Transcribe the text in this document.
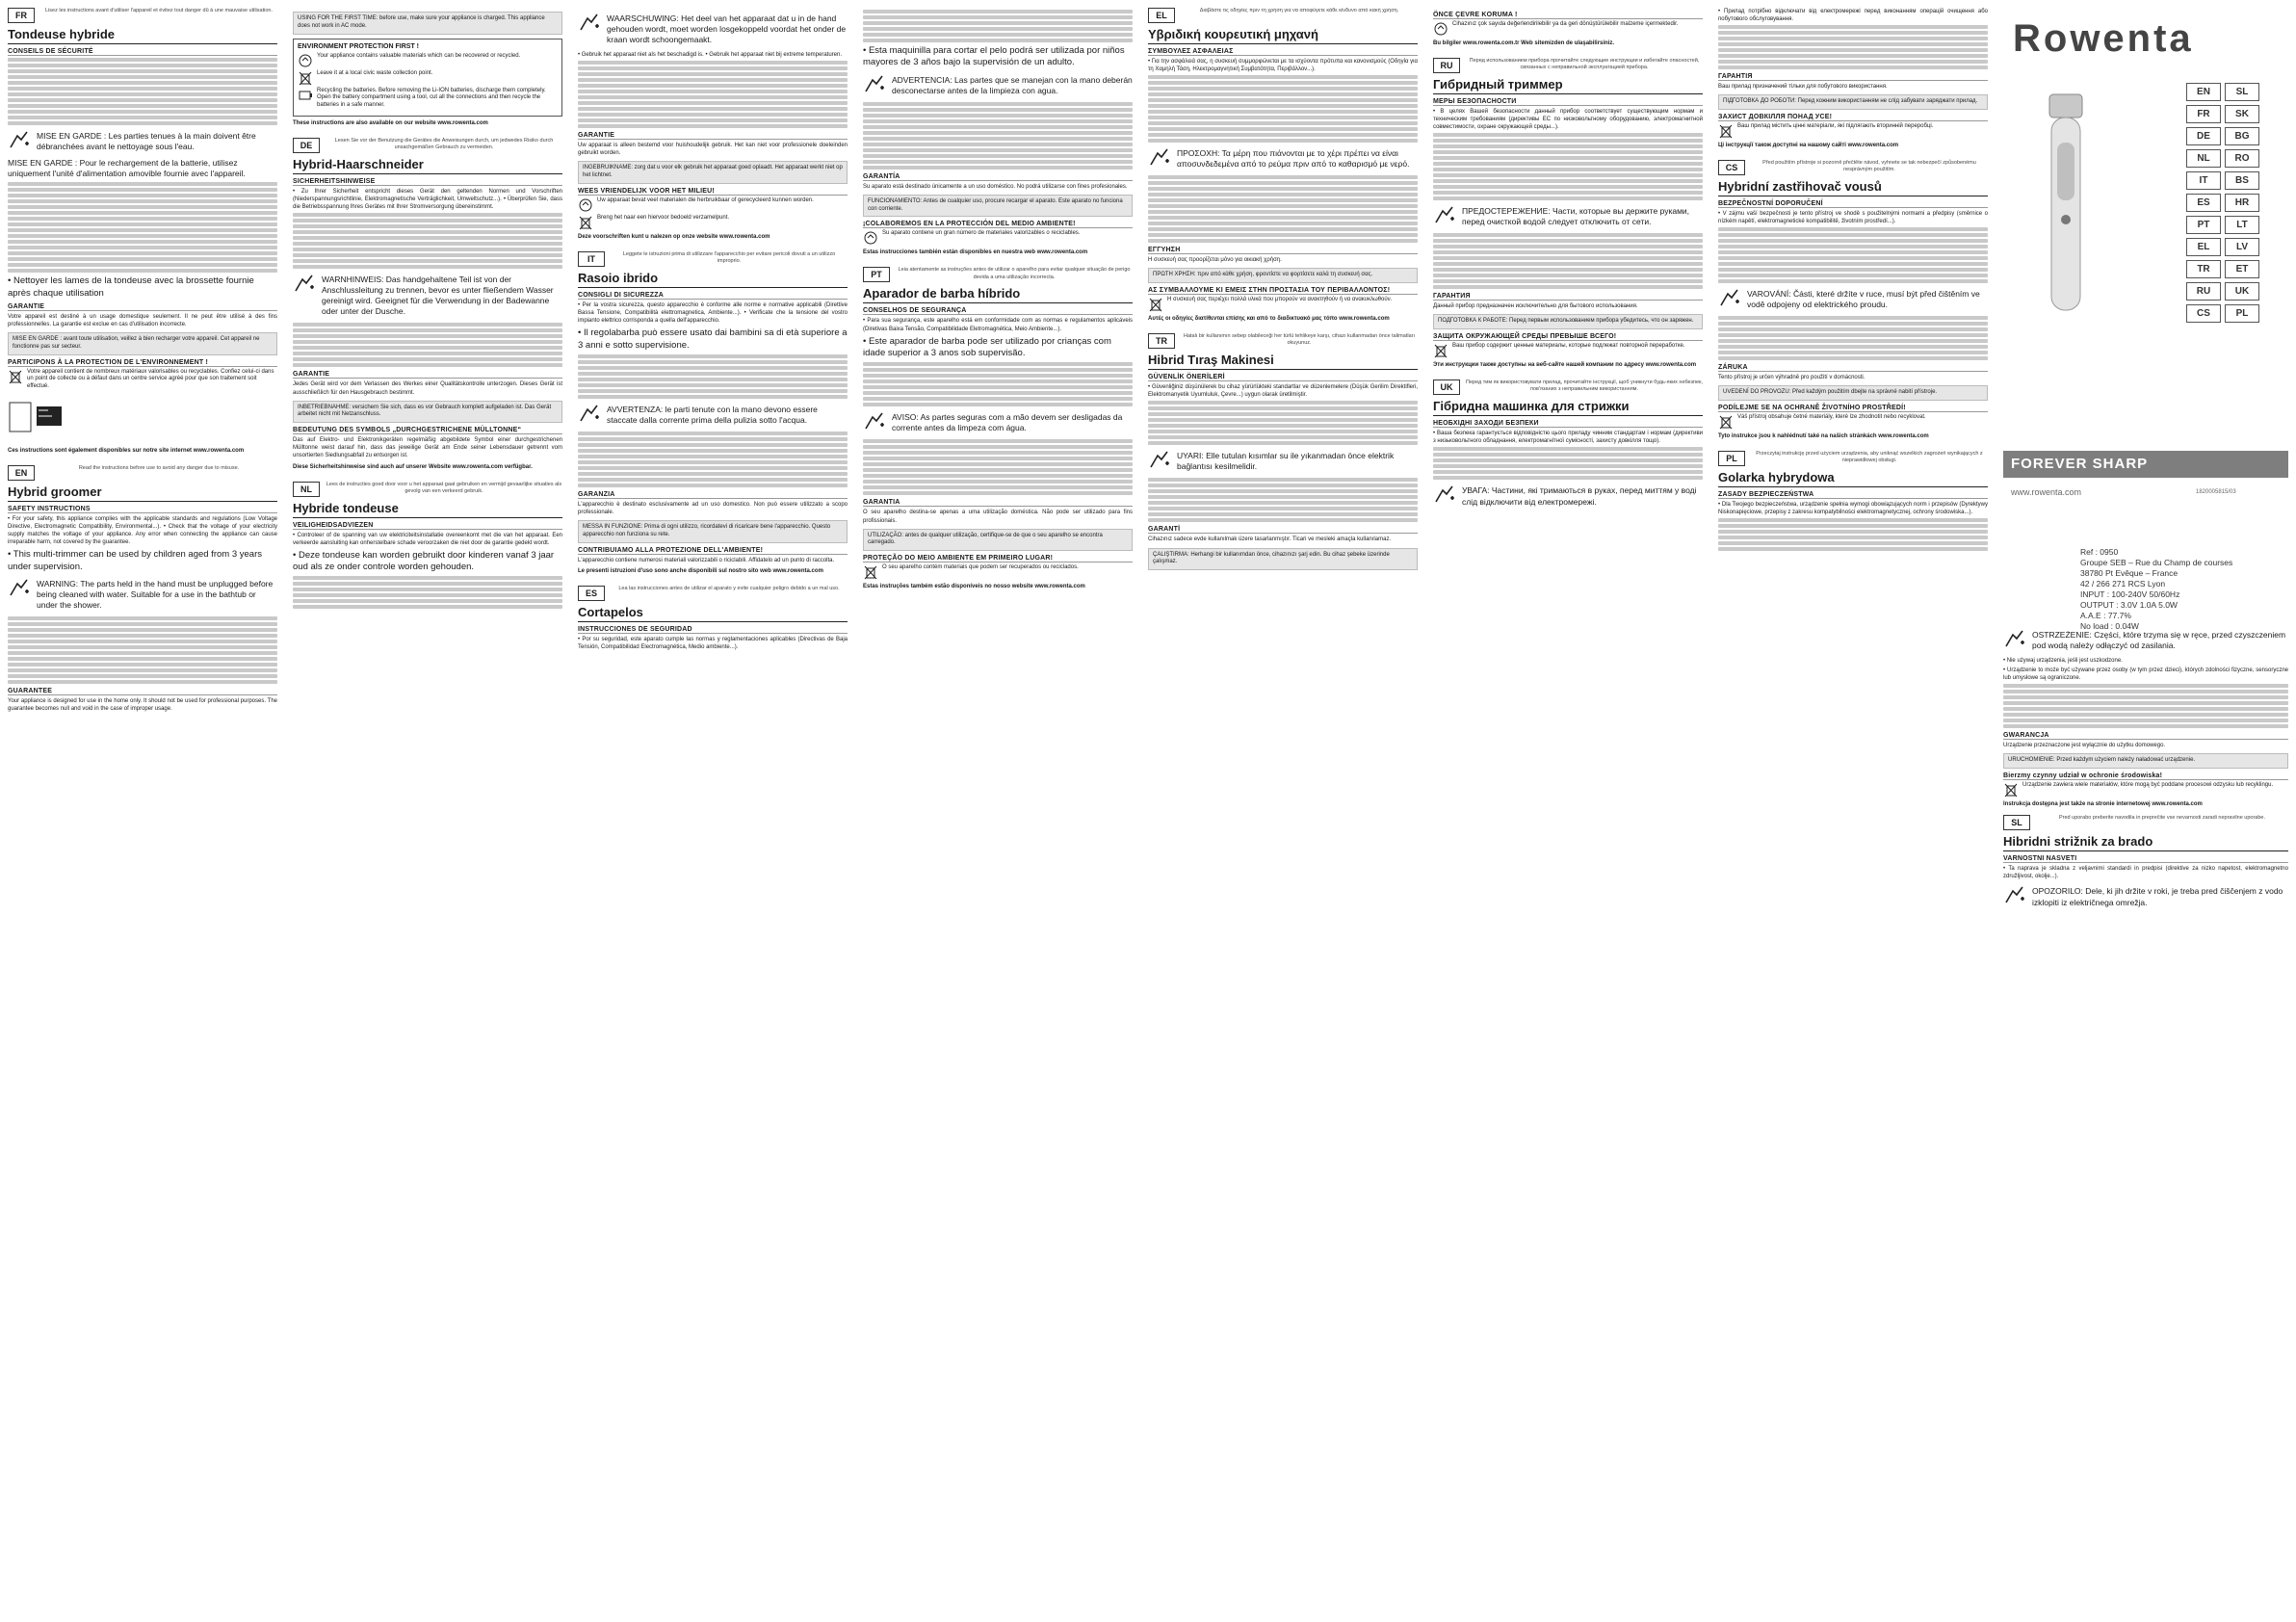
FR	Lisez les instructions avant d'utiliser l'appareil et évitez tout danger dû à une mauvaise utilisation.
Tondeuse hybride
CONSEILS DE SÉCURITÉ

MISE EN GARDE : Les parties tenues à la main doivent être débranchées avant le nettoyage sous l'eau.

MISE EN GARDE : Pour le rechargement de la batterie, utilisez uniquement l'unité d'alimentation amovible fournie avec l'appareil.

• Nettoyer les lames de la tondeuse avec la brossette fournie après chaque utilisation

GARANTIE

Votre appareil est destiné à un usage domestique seulement. Il ne peut être utilisé à des fins professionnelles. La garantie est exclue en cas d'utilisation incorrecte.

MISE EN GARDE : avant toute utilisation, veillez à bien recharger votre appareil. Cet appareil ne fonctionne pas sur secteur.
PARTICIPONS À LA PROTECTION DE L'ENVIRONNEMENT !
Votre appareil contient de nombreux matériaux valorisables ou recyclables. Confiez celui-ci dans un point de collecte ou à défaut dans un centre service agréé pour que son traitement soit effectué.
Ces instructions sont également disponibles sur notre site internet www.rowenta.com
EN	Read the instructions before use to avoid any danger due to misuse.
Hybrid groomer
SAFETY INSTRUCTIONS

• For your safety, this appliance complies with the applicable standards and regulations (Low Voltage Directive, Electromagnetic Compatibility, Environmental...). • Check that the voltage of your electricity supply matches the voltage of your appliance. Any error when connecting the appliance can cause irreparable harm, not covered by the guarantee.

• This multi-trimmer can be used by children aged from 3 years under supervision.

WARNING: The parts held in the hand must be unplugged before being cleaned with water. Suitable for a use in the bathtub or under the shower.

GUARANTEE

Your appliance is designed for use in the home only. It should not be used for professional purposes. The guarantee becomes null and void in the case of improper usage.

USING FOR THE FIRST TIME: before use, make sure your appliance is charged. This appliance does not work in AC mode.
ENVIRONMENT PROTECTION FIRST !
Your appliance contains valuable materials which can be recovered or recycled.
Leave it at a local civic waste collection point.
Recycling the batteries. Before removing the Li-ION batteries, discharge them completely. Open the battery compartment using a tool, cut all the connections and then recycle the batteries in a safe manner.
These instructions are also available on our website www.rowenta.com
DE	Lesen Sie vor der Benutzung die Gerätes die Anweisungen durch, um jedwedes Risiko durch unsachgemäßen Gebrauch zu vermeiden.
Hybrid-Haarschneider
SICHERHEITSHINWEISE

• Zu Ihrer Sicherheit entspricht dieses Gerät den geltenden Normen und Vorschriften (Niederspannungsrichtlinie, Elektromagnetische Verträglichkeit, Umweltschutz...). • Überprüfen Sie, dass die Betriebsspannung Ihres Gerätes mit Ihrer Stromversorgung übereinstimmt.

WARNHINWEIS: Das handgehaltene Teil ist von der Anschlussleitung zu trennen, bevor es unter fließendem Wasser gereinigt wird. Geeignet für die Verwendung in der Badewanne oder unter der Dusche.

GARANTIE

Jedes Gerät wird vor dem Verlassen des Werkes einer Qualitätskontrolle unterzogen. Dieses Gerät ist ausschließlich für den Hausgebrauch bestimmt.

INBETRIEBNAHME: versichern Sie sich, dass es vor Gebrauch komplett aufgeladen ist. Das Gerät arbeitet nicht mit Netzanschluss.
BEDEUTUNG DES SYMBOLS „DURCHGESTRICHENE MÜLLTONNE“

Das auf Elektro- und Elektronikgeräten regelmäßig abgebildete Symbol einer durchgestrichenen Mülltonne weist darauf hin, dass das jeweilige Gerät am Ende seiner Lebensdauer getrennt vom unsortierten Siedlungsabfall zu entsorgen ist.

Diese Sicherheitshinweise sind auch auf unserer Website www.rowenta.com verfügbar.
NL	Lees de instructies goed door voor u het apparaat gaat gebruiken en vermijd gevaarlijke situaties als gevolg van een verkeerd gebruik.
Hybride tondeuse
VEILIGHEIDSADVIEZEN

• Controleer of de spanning van uw elektriciteitsinstallatie overeenkomt met die van het apparaat. Een verkeerde aansluiting kan onherstelbare schade veroorzaken die niet door de garantie gedekt wordt.

• Deze tondeuse kan worden gebruikt door kinderen vanaf 3 jaar oud als ze onder controle worden gehouden.

WAARSCHUWING: Het deel van het apparaat dat u in de hand gehouden wordt, moet worden losgekoppeld voordat het onder de kraan wordt schoongemaakt.

• Gebruik het apparaat niet als het beschadigd is. • Gebruik het apparaat niet bij extreme temperaturen.

GARANTIE

Uw apparaat is alleen bestemd voor huishoudelijk gebruik. Het kan niet voor professionele doeleinden gebruikt worden.

INGEBRUIKNAME: zorg dat u voor elk gebruik het apparaat goed oplaadt. Het apparaat werkt niet op het lichtnet.
WEES VRIENDELIJK VOOR HET MILIEU!
Uw apparaat bevat veel materialen die herbruikbaar of gerecycleerd kunnen worden.
Breng het naar een hiervoor bedoeld verzamelpunt.
Deze voorschriften kunt u nalezen op onze website www.rowenta.com
IT	Leggete le istruzioni prima di utilizzare l'apparecchio per evitare pericoli dovuti a un utilizzo improprio.
Rasoio ibrido
CONSIGLI DI SICUREZZA

• Per la vostra sicurezza, questo apparecchio è conforme alle norme e normative applicabili (Direttive Bassa Tensione, Compatibilità elettromagnetica, Ambiente...). • Verificate che la tensione del vostro impianto elettrico corrisponda a quella dell'apparecchio.

• Il regolabarba può essere usato dai bambini sa di età superiore a 3 anni e sotto supervisione.

AVVERTENZA: le parti tenute con la mano devono essere staccate dalla corrente prima della pulizia sotto l'acqua.

GARANZIA

L'apparecchio è destinato esclusivamente ad un uso domestico. Non può essere utilizzato a scopo professionale.

MESSA IN FUNZIONE: Prima di ogni utilizzo, ricordatevi di ricaricare bene l'apparecchio. Questo apparecchio non funziona su rete.
CONTRIBUIAMO ALLA PROTEZIONE DELL'AMBIENTE!

L'apparecchio contiene numerosi materiali valorizzabili o riciclabili. Affidatelo ad un punto di raccolta.

Le presenti istruzioni d'uso sono anche disponibili sul nostro sito web www.rowenta.com
ES	Lea las instrucciones antes de utilizar el aparato y evite cualquier peligro debido a un mal uso.
Cortapelos
INSTRUCCIONES DE SEGURIDAD

• Por su seguridad, este aparato cumple las normas y reglamentaciones aplicables (Directivas de Baja Tensión, Compatibilidad Electromagnética, Medio ambiente...).

• Esta maquinilla para cortar el pelo podrá ser utilizada por niños mayores de 3 años bajo la supervisión de un adulto.

ADVERTENCIA: Las partes que se manejan con la mano deberán desconectarse antes de la limpieza con agua.

GARANTÍA

Su aparato está destinado únicamente a un uso doméstico. No podrá utilizarse con fines profesionales.

FUNCIONAMIENTO: Antes de cualquier uso, procure recargar el aparato. Este aparato no funciona con corriente.
¡COLABOREMOS EN LA PROTECCIÓN DEL MEDIO AMBIENTE!
Su aparato contiene un gran número de materiales valorizables o reciclables.
Estas instrucciones también están disponibles en nuestra web www.rowenta.com
PT	Leia atentamente as instruções antes de utilizar o aparelho para evitar qualquer situação de perigo devida a uma utilização incorrecta.
Aparador de barba híbrido
CONSELHOS DE SEGURANÇA

• Para sua segurança, este aparelho está em conformidade com as normas e regulamentos aplicáveis (Diretivas Baixa Tensão, Compatibilidade Eletromagnética, Meio Ambiente...).

• Este aparador de barba pode ser utilizado por crianças com idade superior a 3 anos sob supervisão.

AVISO: As partes seguras com a mão devem ser desligadas da corrente antes da limpeza com água.

GARANTIA

O seu aparelho destina-se apenas a uma utilização doméstica. Não pode ser utilizado para fins profissionais.

UTILIZAÇÃO: antes de qualquer utilização, certifique-se de que o seu aparelho se encontra carregado.
PROTEÇÃO DO MEIO AMBIENTE EM PRIMEIRO LUGAR!
O seu aparelho contém materiais que podem ser recuperados ou reciclados.
Estas instruções também estão disponíveis no nosso website www.rowenta.com
EL	Διαβάστε τις οδηγίες πριν τη χρήση για να αποφύγετε κάθε κίνδυνο από κακή χρήση.
Υβριδική κουρευτική μηχανή
ΣΥΜΒΟΥΛΕΣ ΑΣΦΑΛΕΙΑΣ

• Για την ασφάλειά σας, η συσκευή συμμορφώνεται με τα ισχύοντα πρότυπα και κανονισμούς (Οδηγία για τη Χαμηλή Τάση, Ηλεκτρομαγνητική Συμβατότητα, Περιβάλλον...).

ΠΡΟΣΟΧΗ: Τα μέρη που πιάνονται με το χέρι πρέπει να είναι αποσυνδεδεμένα από το ρεύμα πριν από το καθαρισμό με νερό.

ΕΓΓΥΗΣΗ

Η συσκευή σας προορίζεται μόνο για οικιακή χρήση.

ΠΡΩΤΗ ΧΡΗΣΗ: πριν από κάθε χρήση, φροντίστε να φορτίσετε καλά τη συσκευή σας.
ΑΣ ΣΥΜΒΑΛΛΟΥΜΕ ΚΙ ΕΜΕΙΣ ΣΤΗΝ ΠΡΟΣΤΑΣΙΑ ΤΟΥ ΠΕΡΙΒΑΛΛΟΝΤΟΣ!
Η συσκευή σας περιέχει πολλά υλικά που μπορούν να ανακτηθούν ή να ανακυκλωθούν.
Αυτές οι οδηγίες διατίθενται επίσης και από το διαδικτυακό μας τόπο www.rowenta.com
TR	Hatalı bir kullanımın sebep olabileceği her türlü tehlikeye karşı, cihazı kullanmadan önce talimatları okuyunuz.
Hibrid Tıraş Makinesi
GÜVENLİK ÖNERİLERİ

• Güvenliğiniz düşünülerek bu cihaz yürürlükteki standartlar ve düzenlemelere (Düşük Gerilim Direktifleri, Elektromanyetik Uyumluluk, Çevre...) uygun olarak üretilmiştir.

UYARI: Elle tutulan kısımlar su ile yıkanmadan önce elektrik bağlantısı kesilmelidir.

GARANTİ

Cihazınız sadece evde kullanılmak üzere tasarlanmıştır. Ticari ve mesleki amaçla kullanılamaz.

ÇALIŞTIRMA: Herhangi bir kullanımdan önce, cihazınızı şarj edin. Bu cihaz şebeke üzerinde çalışmaz.
ÖNCE ÇEVRE KORUMA !
Cihazınız çok sayıda değerlendirilebilir ya da geri dönüştürülebilir malzeme içermektedir.
Bu bilgiler www.rowenta.com.tr Web sitemizden de ulaşabilirsiniz.
RU	Перед использованием прибора прочитайте следующие инструкции и избегайте опасностей, связанных с неправильной эксплуатацией прибора.
Гибридный триммер
МЕРЫ БЕЗОПАСНОСТИ

• В целях Вашей безопасности данный прибор соответствует существующим нормам и техническим требованиям (директивы ЕС по низковольтному оборудованию, электромагнитной совместимости, охране окружающей среды...).

ПРЕДОСТЕРЕЖЕНИЕ: Части, которые вы держите руками, перед очисткой водой следует отключить от сети.

ГАРАНТИЯ

Данный прибор предназначен исключительно для бытового использования.

ПОДГОТОВКА К РАБОТЕ: Перед первым использованием прибора убедитесь, что он заряжен.
ЗАЩИТА ОКРУЖАЮЩЕЙ СРЕДЫ ПРЕВЫШЕ ВСЕГО!
Ваш прибор содержит ценные материалы, которые подлежат повторной переработке.
Эти инструкции также доступны на веб-сайте нашей компании по адресу www.rowenta.com
UK	Перед тим як використовувати прилад, прочитайте інструкції, щоб уникнути будь-яких небезпек, пов'язаних з неправильним використанням.
Гібридна машинка для стрижки
НЕОБХІДНІ ЗАХОДИ БЕЗПЕКИ

• Ваша безпека гарантується відповідністю цього приладу чинним стандартам і нормам (директиви з низьковольтного обладнання, електромагнітної сумісності, захисту довкілля тощо).

УВАГА: Частини, які тримаються в руках, перед миттям у воді слід відключити від електромережі.

• Прилад потрібно відключати від електромережі перед виконанням операцій очищення або побутового обслуговування.

ГАРАНТІЯ

Ваш прилад призначений тільки для побутового використання.

ПІДГОТОВКА ДО РОБОТИ: Перед кожним використанням не слід забувати заряджати прилад.
ЗАХИСТ ДОВКІЛЛЯ ПОНАД УСЕ!
Ваш прилад містить цінні матеріали, які підлягають вторинній переробці.
Ці інструкції також доступні на нашому сайті www.rowenta.com
CS	Před použitím přístroje si pozorně přečtěte návod, vyhnete se tak nebezpečí způsobenému nesprávným použitím.
Hybridní zastřihovač vousů
BEZPEČNOSTNÍ DOPORUČENÍ

• V zájmu vaší bezpečnosti je tento přístroj ve shodě s použitelnými normami a předpisy (směrnice o nízkém napětí, elektromagnetické kompatibilitě, životním prostředí...).

VAROVÁNÍ: Části, které držíte v ruce, musí být před čištěním ve vodě odpojeny od elektrického proudu.

ZÁRUKA

Tento přístroj je určen výhradně pro použití v domácnosti.

UVEDENÍ DO PROVOZU: Před každým použitím dbejte na správné nabití přístroje.
PODÍLEJME SE NA OCHRANĚ ŽIVOTNÍHO PROSTŘEDÍ!
Váš přístroj obsahuje četné materiály, které lze zhodnotit nebo recyklovat.
Tyto instrukce jsou k nahlédnutí také na našich stránkách www.rowenta.com
PL	Przeczytaj instrukcję przed użyciem urządzenia, aby uniknąć wszelkich zagrożeń wynikających z nieprawidłowej obsługi.
Golarka hybrydowa
ZASADY BEZPIECZEŃSTWA

• Dla Twojego bezpieczeństwa, urządzenie spełnia wymogi obowiązujących norm i przepisów (Dyrektywy Niskonapięciowe, przepisy z zakresu kompatybilności elektromagnetycznej, ochrony środowiska...).

Rowenta
EN	SL
FR	SK
DE	BG
NL	RO
IT	BS
ES	HR
PT	LT
EL	LV
TR	ET
RU	UK
CS	PL
FOREVER SHARP
www.rowenta.com	1820005815/03
Ref : 0950
Groupe SEB – Rue du Champ de courses
38780 Pt Evêque – France
42 / 266 271 RCS Lyon
INPUT : 100-240V 50/60Hz
OUTPUT : 3.0V 1.0A 5.0W
A.A.E : 77.7%
No load : 0.04W

OSTRZEŻENIE: Części, które trzyma się w ręce, przed czyszczeniem pod wodą należy odłączyć od zasilania.

• Nie używaj urządzenia, jeśli jest uszkodzone.

• Urządzenie to może być używane przez osoby (w tym przez dzieci), których zdolności fizyczne, sensoryczne lub umysłowe są ograniczone.

GWARANCJA

Urządzenie przeznaczone jest wyłącznie do użytku domowego.

URUCHOMIENIE: Przed każdym użyciem należy naładować urządzenie.
Bierzmy czynny udział w ochronie środowiska!
Urządzenie zawiera wiele materiałów, które mogą być poddane procesowi odzysku lub recyklingu.
Instrukcja dostępna jest także na stronie internetowej www.rowenta.com
SL	Pred uporabo preberite navodila in preprečite vse nevarnosti zaradi nepravilne uporabe.
Hibridni strižnik za brado
VARNOSTNI NASVETI

• Ta naprava je skladna z veljavnimi standardi in predpisi (direktive za nizko napetost, elektromagnetno združljivost, okolje...).

OPOZORILO: Dele, ki jih držite v roki, je treba pred čiščenjem z vodo izklopiti iz električnega omrežja.
